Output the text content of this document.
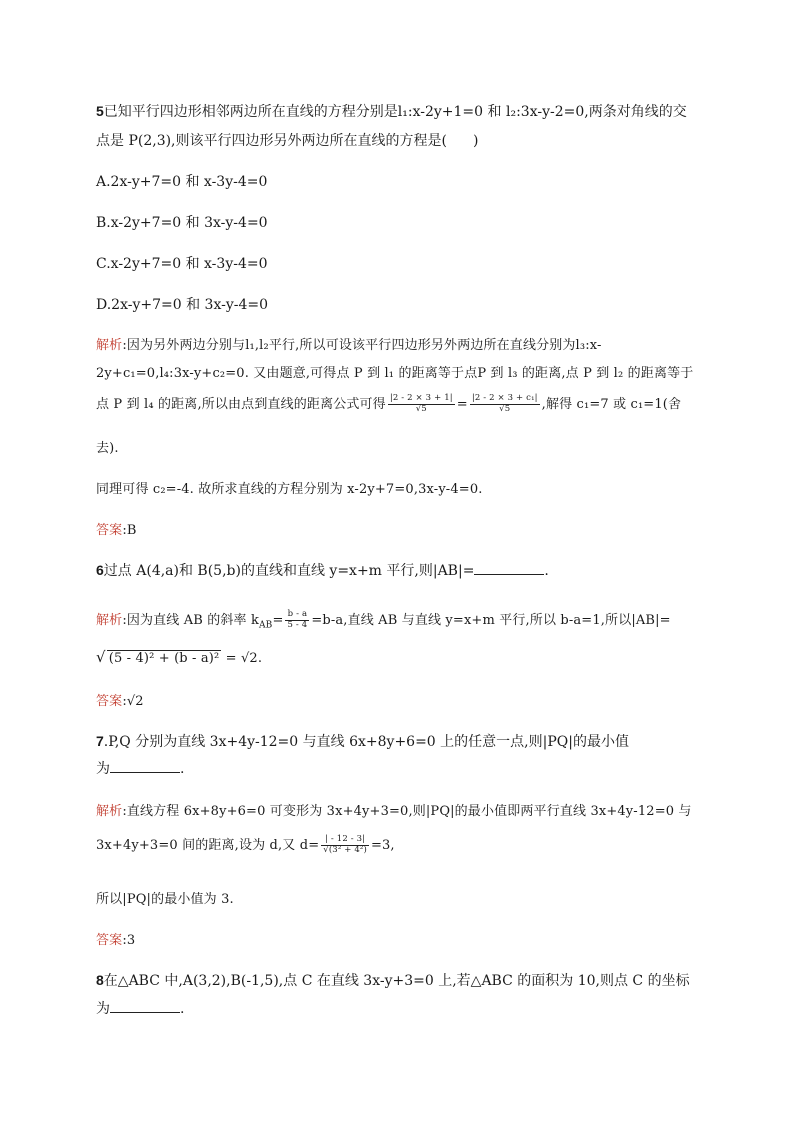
5已知平行四边形相邻两边所在直线的方程分别是l₁:x-2y+1=0 和 l₂:3x-y-2=0,两条对角线的交
点是 P(2,3),则该平行四边形另外两边所在直线的方程是( )
A.2x-y+7=0 和 x-3y-4=0
B.x-2y+7=0 和 3x-y-4=0
C.x-2y+7=0 和 x-3y-4=0
D.2x-y+7=0 和 3x-y-4=0
解析:因为另外两边分别与l₁,l₂平行,所以可设该平行四边形另外两边所在直线分别为l₃:x-
2y+c₁=0,l₄:3x-y+c₂=0. 又由题意,可得点 P 到 l₁ 的距离等于点P 到 l₃ 的距离,点 P 到 l₂ 的距离等于
点 P 到 l₄ 的距离,所以由点到直线的距离公式可得 $\frac{|2 - 2 \times 3 + 1|}{√5} = \frac{\text{|2 - 2 × 3 + c₁|}}{√5}$ ,解得 c₁=7 或 c₁=1(舍
去).
同理可得 c₂=-4. 故所求直线的方程分别为 x-2y+7=0,3x-y-4=0.
答案:B
6过点 A(4,a)和 B(5,b)的直线和直线 y=x+m 平行,则|AB|=	.
解析:因为直线 AB 的斜率 $k_{AB}= \frac{b - a}{5 - 4} =b-a$,直线 AB 与直线 y=x+m 平行,所以 b-a=1,所以|AB|=
√ (5 - 4)² + (b - a)² = √2.
答案:√2
7.P,Q 分别为直线 3x+4y-12=0 与直线 6x+8y+6=0 上的任意一点,则|PQ|的最小值
为	.
解析:直线方程 6x+8y+6=0 可变形为 3x+4y+3=0,则|PQ|的最小值即两平行直线 3x+4y-12=0 与
3x+4y+3=0 间的距离,设为 d,又 $d= \frac{| - 12 - 3|}{\text{√(3² + 4²)}} =3$,
所以|PQ|的最小值为 3.
答案:3
8在△ABC 中,A(3,2),B(-1,5),点 C 在直线 3x-y+3=0 上,若△ABC 的面积为 10,则点 C 的坐标
为	.
